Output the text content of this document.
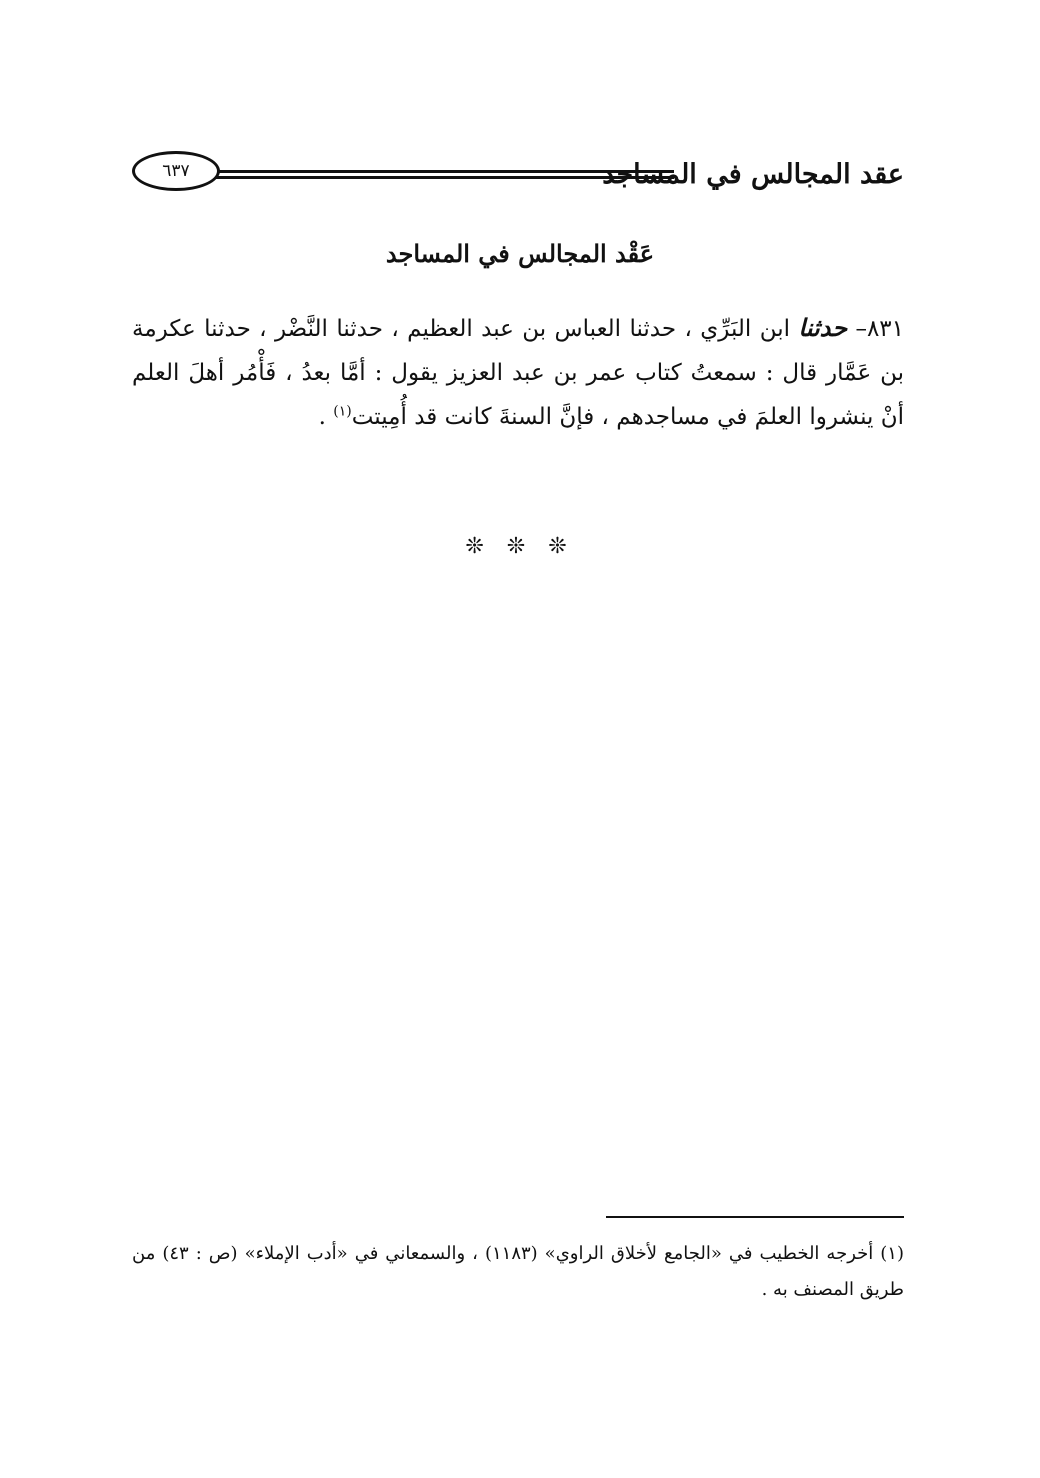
عقد المجالس في المساجد
٦٣٧
عَقْد المجالس في المساجد

٨٣١– حدثنا ابن البَرِّي ، حدثنا العباس بن عبد العظيم ، حدثنا النَّضْر ، حدثنا عكرمة بن عَمَّار قال : سمعتُ كتاب عمر بن عبد العزيز يقول : أمَّا بعدُ ، فَأْمُر أهلَ العلم أنْ ينشروا العلمَ في مساجدهم ، فإنَّ السنةَ كانت قد أُمِيتت$^{(١)}$ .

❊ ❊ ❊

(١) أخرجه الخطيب في «الجامع لأخلاق الراوي» (١١٨٣) ، والسمعاني في «أدب الإملاء» (ص : ٤٣) من طريق المصنف به .
